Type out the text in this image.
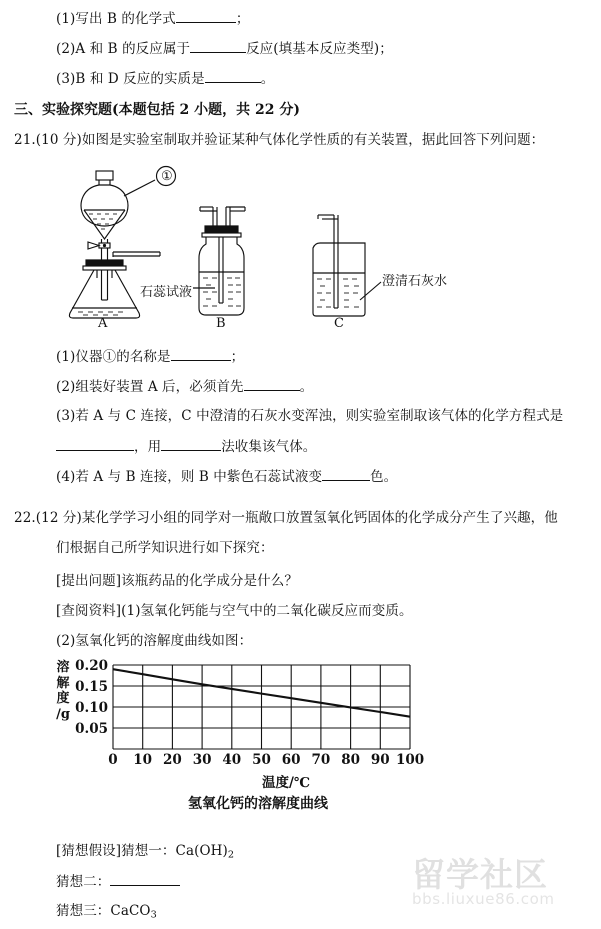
(1)写出 B 的化学式	；
(2)A 和 B 的反应属于	反应(填基本反应类型)；
(3)B 和 D 反应的实质是	。
三、实验探究题(本题包括 2 小题，共 22 分)
21.(10 分)如图是实验室制取并验证某种气体化学性质的有关装置，据此回答下列问题：
①
A	B	C
石蕊试液
澄清石灰水
(1)仪器①的名称是	；
(2)组装好装置 A 后，必须首先	。
(3)若 A 与 C 连接，C 中澄清的石灰水变浑浊，则实验室制取该气体的化学方程式是
，用	法收集该气体。
(4)若 A 与 B 连接，则 B 中紫色石蕊试液变	色。
22.(12 分)某化学学习小组的同学对一瓶敞口放置氢氧化钙固体的化学成分产生了兴趣，他
们根据自己所学知识进行如下探究：
[提出问题]该瓶药品的化学成分是什么？
[查阅资料](1)氢氧化钙能与空气中的二氧化碳反应而变质。
(2)氢氧化钙的溶解度曲线如图：
溶
解
度
/g
0.20
0.15
0.10
0.05
0	10 20 30 40 50 60 70 80 90 100
温度/℃
氢氧化钙的溶解度曲线
[猜想假设]猜想一：$Ca(OH)_2$
猜想二：
猜想三：CaCO$_3$
留学社区
bbs.liuxue86.com
